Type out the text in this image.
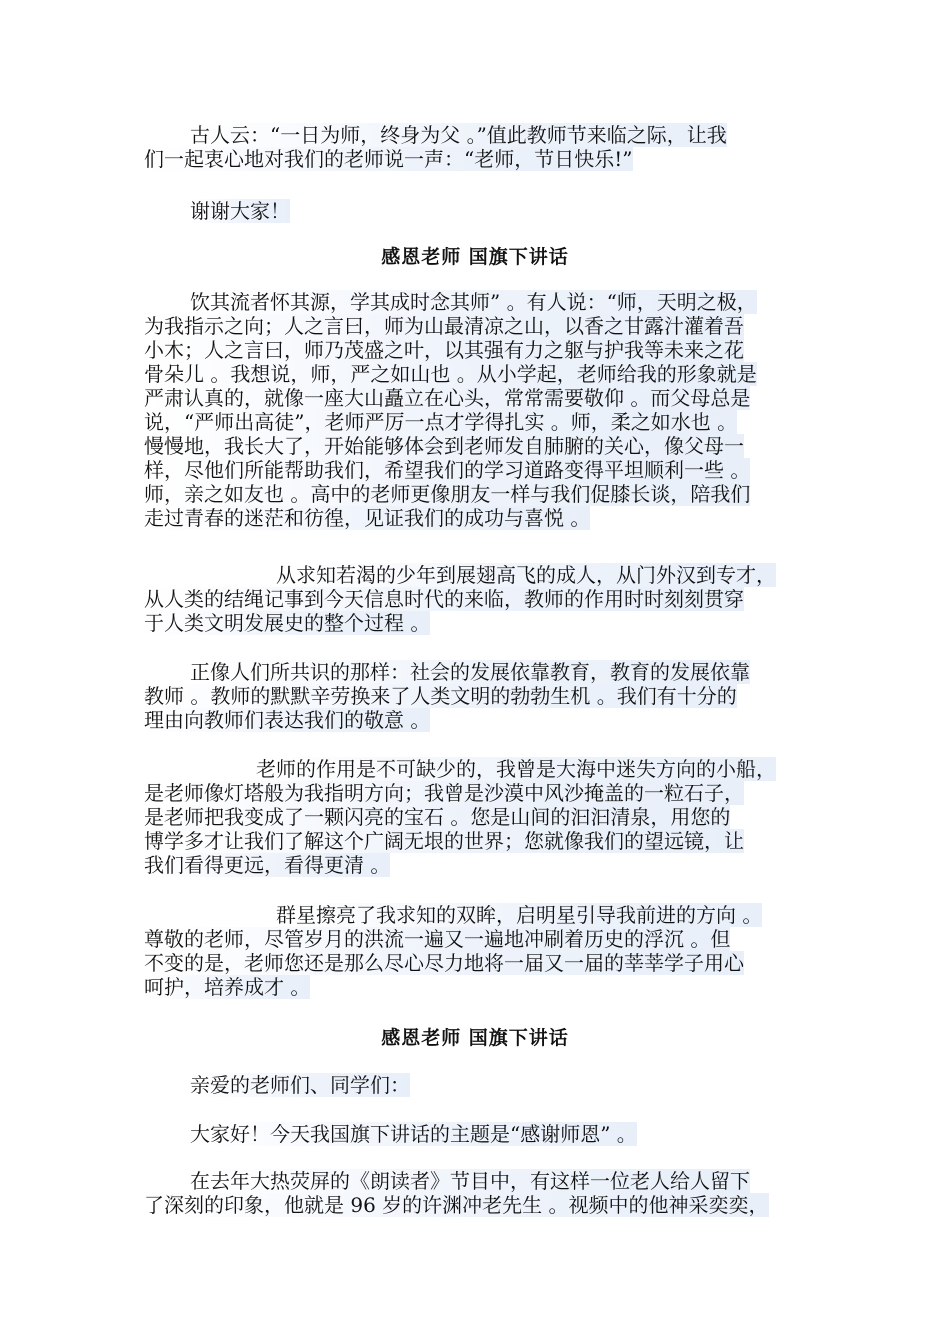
古人云：“一日为师，终身为父 。”值此教师节来临之际，让我
们一起衷心地对我们的老师说一声：“老师，节日快乐!”
谢谢大家！
感恩老师 国旗下讲话
饮其流者怀其源，学其成时念其师” 。有人说：“师，天明之极，
为我指示之向；人之言曰，师为山最清凉之山，以香之甘露汁灌着吾
小木；人之言曰，师乃茂盛之叶，以其强有力之躯与护我等未来之花
骨朵儿 。我想说，师，严之如山也 。从小学起，老师给我的形象就是
严肃认真的，就像一座大山矗立在心头，常常需要敬仰 。而父母总是
说，“严师出高徒”，老师严厉一点才学得扎实 。师，柔之如水也 。
慢慢地，我长大了，开始能够体会到老师发自肺腑的关心，像父母一
样，尽他们所能帮助我们，希望我们的学习道路变得平坦顺利一些 。
师，亲之如友也 。高中的老师更像朋友一样与我们促膝长谈，陪我们
走过青春的迷茫和彷徨，见证我们的成功与喜悦 。
从求知若渴的少年到展翅高飞的成人，从门外汉到专才，
从人类的结绳记事到今天信息时代的来临，教师的作用时时刻刻贯穿
于人类文明发展史的整个过程 。
正像人们所共识的那样：社会的发展依靠教育，教育的发展依靠
教师 。教师的默默辛劳换来了人类文明的勃勃生机 。我们有十分的
理由向教师们表达我们的敬意 。
老师的作用是不可缺少的，我曾是大海中迷失方向的小船，
是老师像灯塔般为我指明方向；我曾是沙漠中风沙掩盖的一粒石子，
是老师把我变成了一颗闪亮的宝石 。您是山间的汩汩清泉，用您的
博学多才让我们了解这个广阔无垠的世界；您就像我们的望远镜，让
我们看得更远，看得更清 。
群星擦亮了我求知的双眸，启明星引导我前进的方向 。
尊敬的老师，尽管岁月的洪流一遍又一遍地冲刷着历史的浮沉 。但
不变的是，老师您还是那么尽心尽力地将一届又一届的莘莘学子用心
呵护，培养成才 。
感恩老师 国旗下讲话
亲爱的老师们、同学们：
大家好！今天我国旗下讲话的主题是“感谢师恩” 。
在去年大热荧屏的《朗读者》节目中，有这样一位老人给人留下
了深刻的印象，他就是 96 岁的许渊冲老先生 。视频中的他神采奕奕，
